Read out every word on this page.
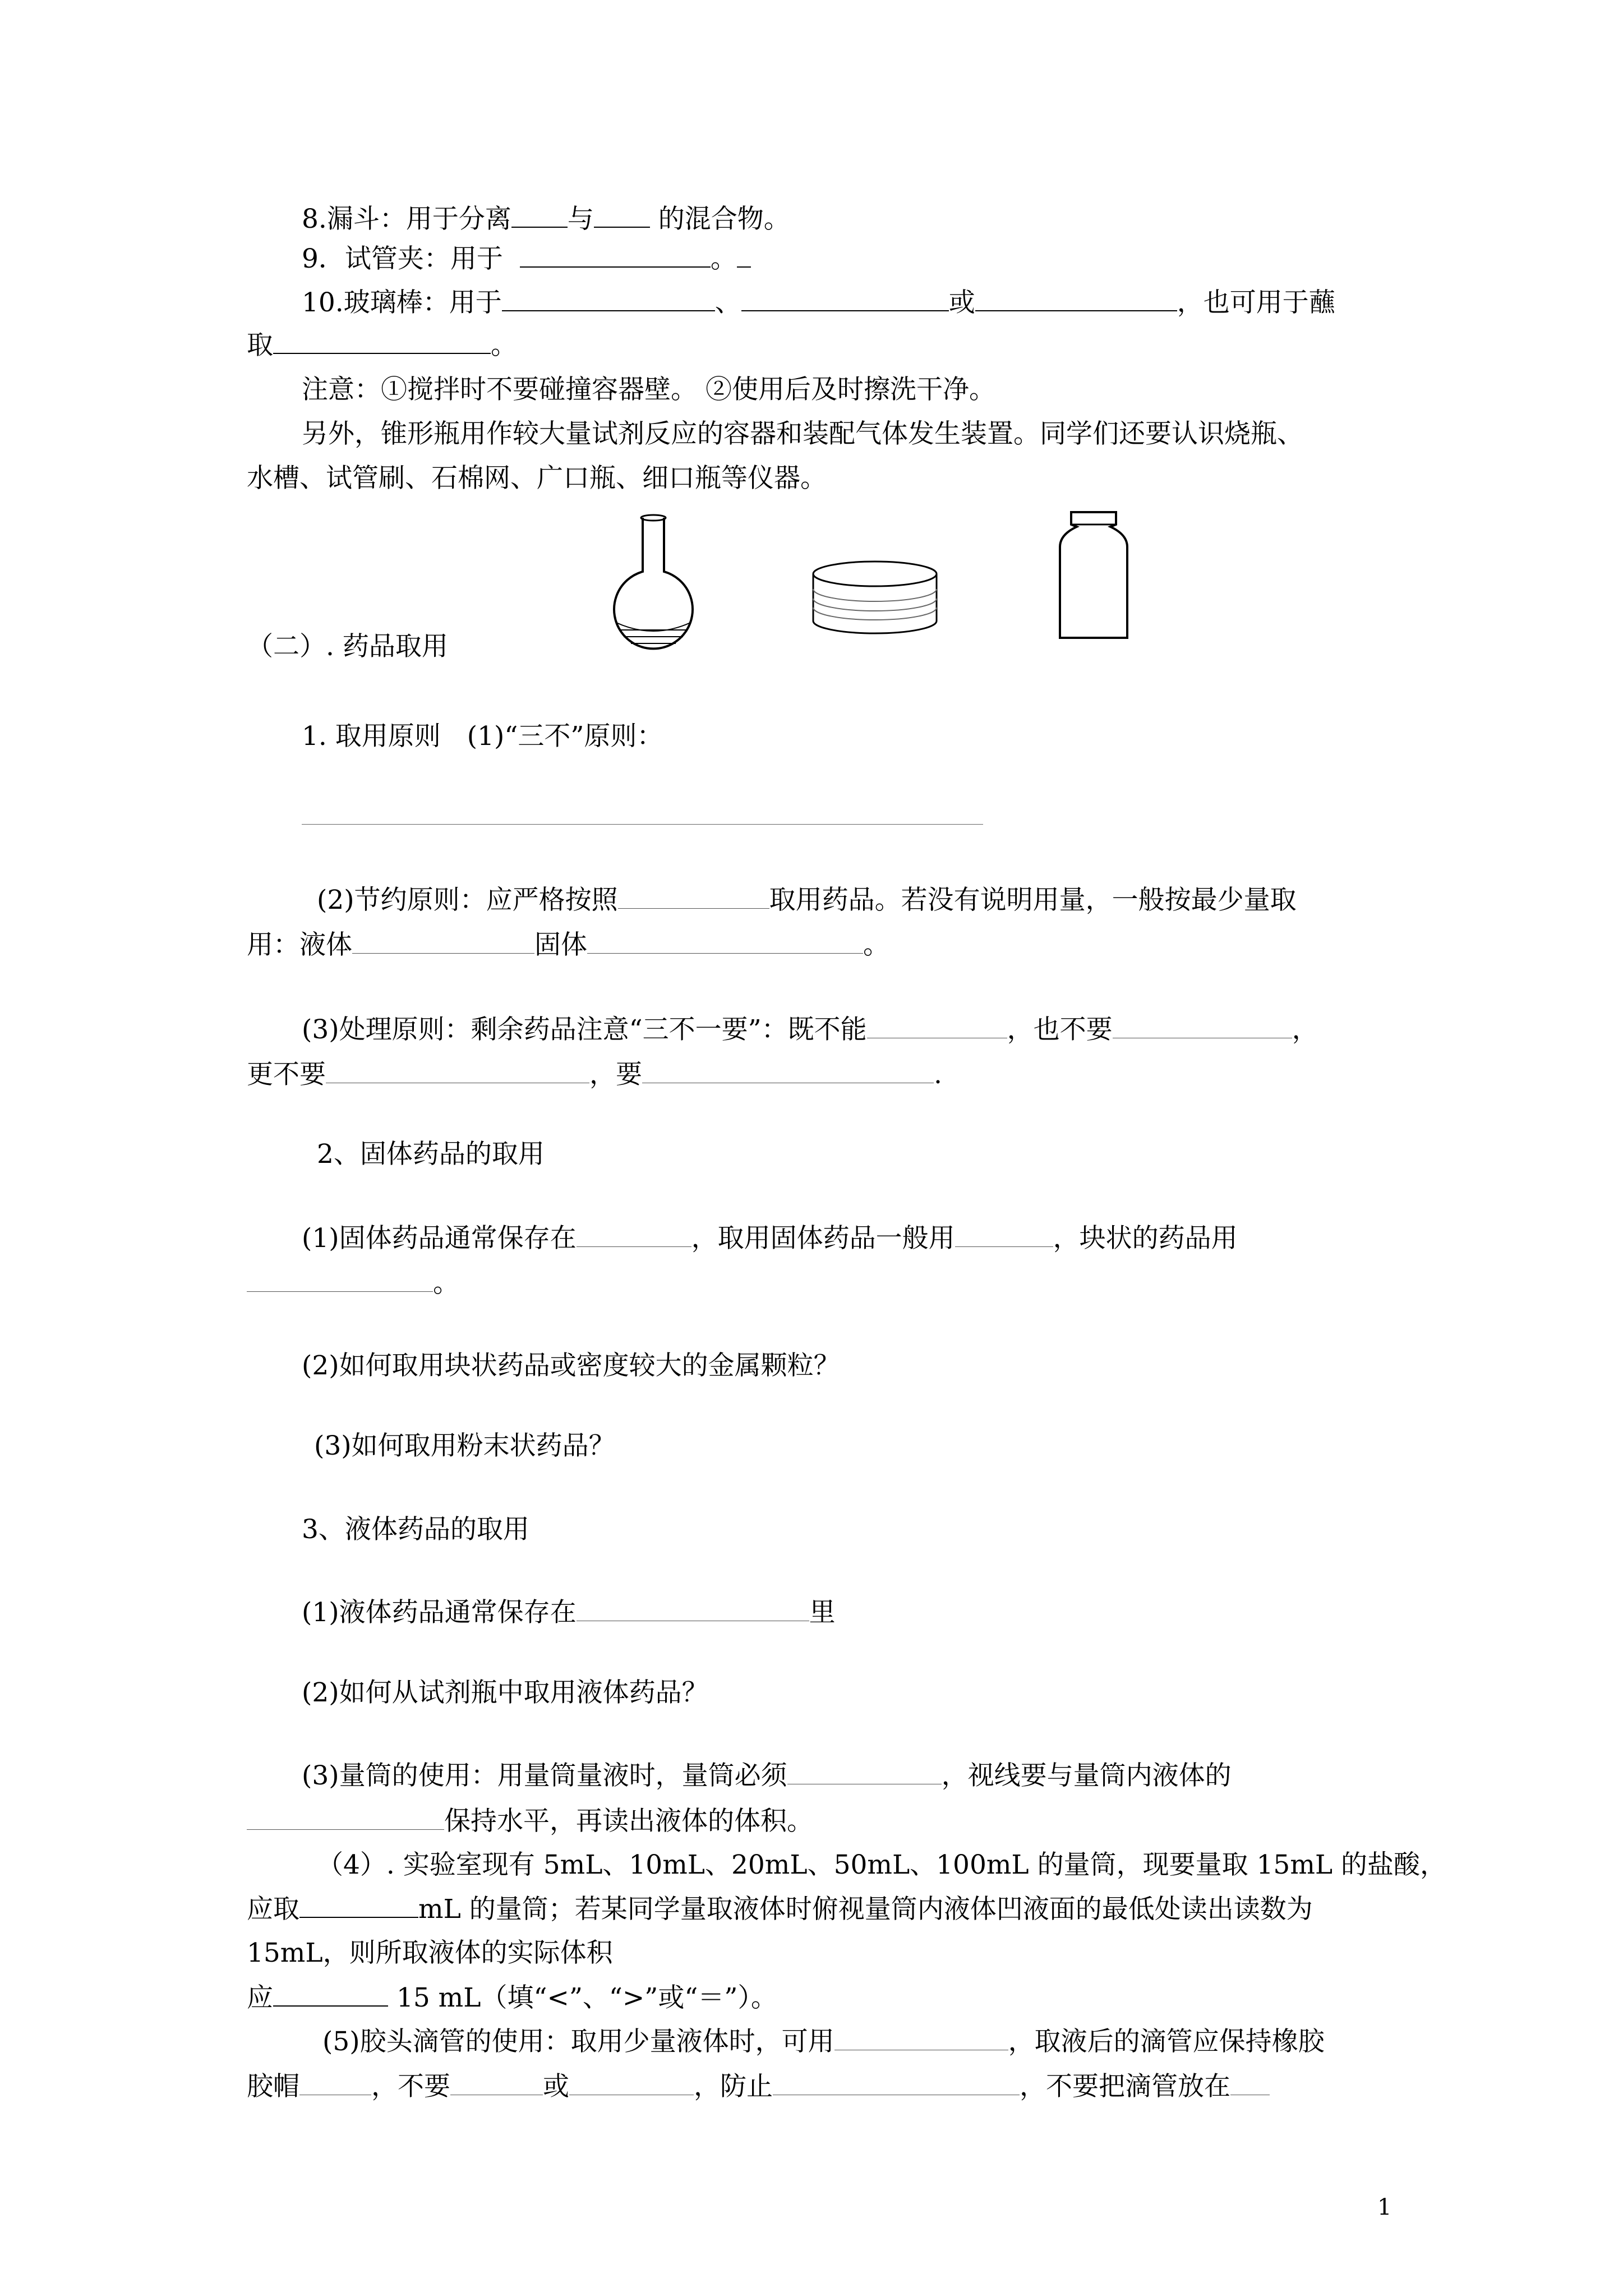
8.漏斗：用于分离 与 的混合物。
9．试管夹：用于	。
10.玻璃棒：用于	、	或	，也可用于蘸
取	。
注意：①搅拌时不要碰撞容器壁。 ②使用后及时擦洗干净。
另外，锥形瓶用作较大量试剂反应的容器和装配气体发生装置。同学们还要认识烧瓶、
水槽、试管刷、石棉网、广口瓶、细口瓶等仪器。
（二）. 药品取用
1. 取用原则　(1)“三不”原则：
(2)节约原则：应严格按照	取用药品。若没有说明用量，一般按最少量取
用：液体	固体	。
(3)处理原则：剩余药品注意“三不一要”：既不能	，也不要	，
更不要	，要	.
2、固体药品的取用
(1)固体药品通常保存在	，取用固体药品一般用	，块状的药品用
。
(2)如何取用块状药品或密度较大的金属颗粒？
(3)如何取用粉末状药品？
3、液体药品的取用
(1)液体药品通常保存在	里
(2)如何从试剂瓶中取用液体药品？
(3)量筒的使用：用量筒量液时，量筒必须	，视线要与量筒内液体的
保持水平，再读出液体的体积。
（4）. 实验室现有 5mL、10mL、20mL、50mL、100mL 的量筒，现要量取 15mL 的盐酸，
应取	mL 的量筒；若某同学量取液体时俯视量筒内液体凹液面的最低处读出读数为
15mL，则所取液体的实际体积
应	15 mL（填“<”、“>”或“＝”）。
(5)胶头滴管的使用：取用少量液体时，可用	，取液后的滴管应保持橡胶
胶帽	，不要	或	，防止	，不要把滴管放在
1
